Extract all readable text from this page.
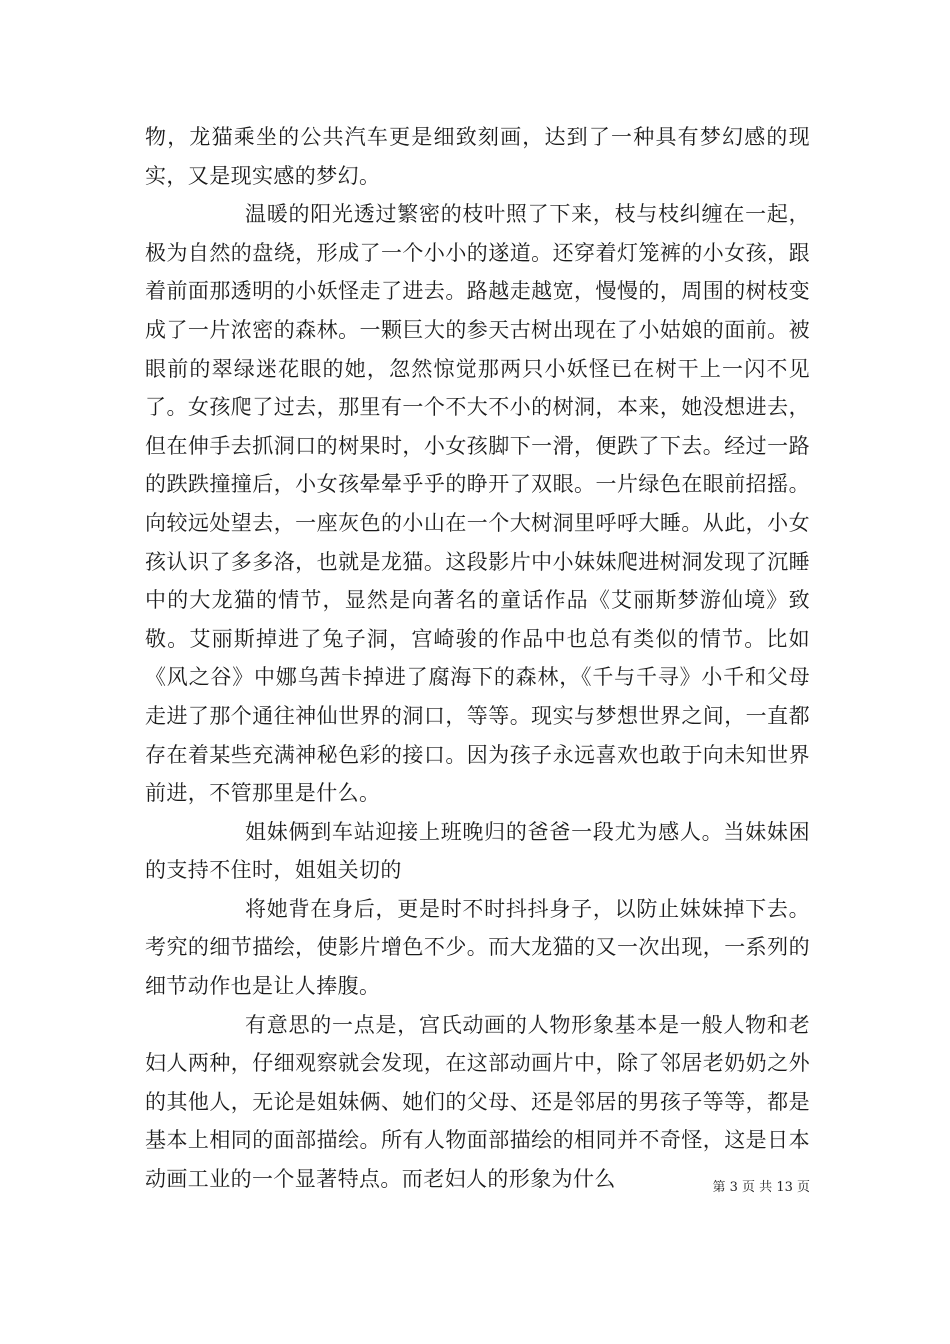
物，龙猫乘坐的公共汽车更是细致刻画，达到了一种具有梦幻感的现实，又是现实感的梦幻。

温暖的阳光透过繁密的枝叶照了下来，枝与枝纠缠在一起，极为自然的盘绕，形成了一个小小的遂道。还穿着灯笼裤的小女孩，跟着前面那透明的小妖怪走了进去。路越走越宽，慢慢的，周围的树枝变成了一片浓密的森林。一颗巨大的参天古树出现在了小姑娘的面前。被眼前的翠绿迷花眼的她，忽然惊觉那两只小妖怪已在树干上一闪不见了。女孩爬了过去，那里有一个不大不小的树洞，本来，她没想进去，但在伸手去抓洞口的树果时，小女孩脚下一滑，便跌了下去。经过一路的跌跌撞撞后，小女孩晕晕乎乎的睁开了双眼。一片绿色在眼前招摇。向较远处望去，一座灰色的小山在一个大树洞里呼呼大睡。从此，小女孩认识了多多洛，也就是龙猫。这段影片中小妹妹爬进树洞发现了沉睡中的大龙猫的情节，显然是向著名的童话作品《艾丽斯梦游仙境》致敬。艾丽斯掉进了兔子洞，宫崎骏的作品中也总有类似的情节。比如《风之谷》中娜乌茜卡掉进了腐海下的森林，《千与千寻》小千和父母走进了那个通往神仙世界的洞口，等等。现实与梦想世界之间，一直都存在着某些充满神秘色彩的接口。因为孩子永远喜欢也敢于向未知世界前进，不管那里是什么。

姐妹俩到车站迎接上班晚归的爸爸一段尤为感人。当妹妹困的支持不住时，姐姐关切的

将她背在身后，更是时不时抖抖身子，以防止妹妹掉下去。考究的细节描绘，使影片增色不少。而大龙猫的又一次出现，一系列的细节动作也是让人捧腹。

有意思的一点是，宫氏动画的人物形象基本是一般人物和老妇人两种，仔细观察就会发现，在这部动画片中，除了邻居老奶奶之外的其他人，无论是姐妹俩、她们的父母、还是邻居的男孩子等等，都是基本上相同的面部描绘。所有人物面部描绘的相同并不奇怪，这是日本动画工业的一个显著特点。而老妇人的形象为什么	第 3 页 共 13 页
